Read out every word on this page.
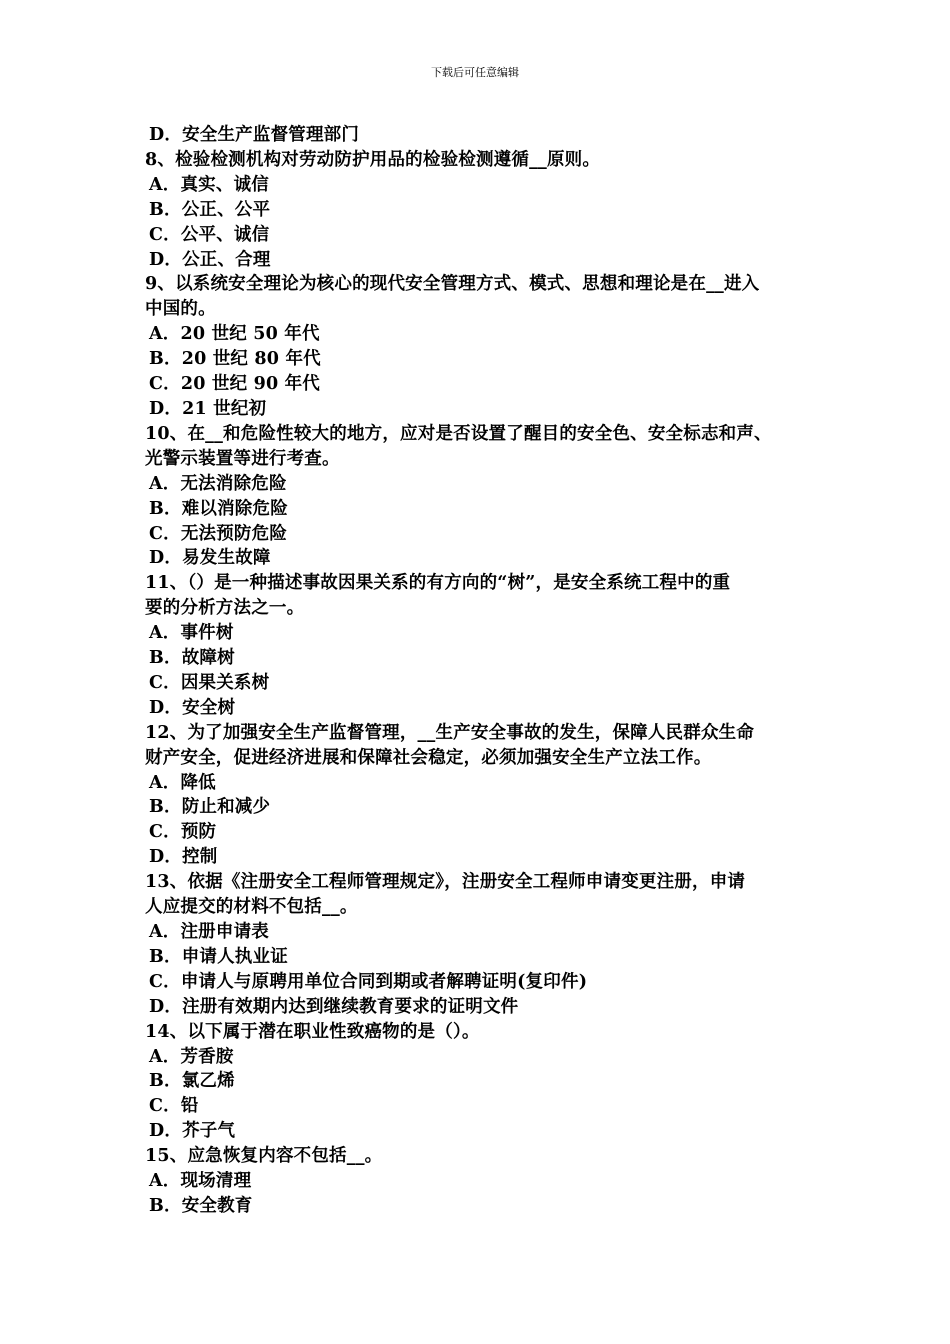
下载后可任意编辑
D．安全生产监督管理部门
8、检验检测机构对劳动防护用品的检验检测遵循__原则。
A．真实、诚信
B．公正、公平
C．公平、诚信
D．公正、合理
9、以系统安全理论为核心的现代安全管理方式、模式、思想和理论是在__进入
中国的。
A．20 世纪 50 年代
B．20 世纪 80 年代
C．20 世纪 90 年代
D．21 世纪初
10、在__和危险性较大的地方，应对是否设置了醒目的安全色、安全标志和声、
光警示装置等进行考查。
A．无法消除危险
B．难以消除危险
C．无法预防危险
D．易发生故障
11、（）是一种描述事故因果关系的有方向的“树”，是安全系统工程中的重
要的分析方法之一。
A．事件树
B．故障树
C．因果关系树
D．安全树
12、为了加强安全生产监督管理，__生产安全事故的发生，保障人民群众生命
财产安全，促进经济进展和保障社会稳定，必须加强安全生产立法工作。
A．降低
B．防止和减少
C．预防
D．控制
13、依据《注册安全工程师管理规定》，注册安全工程师申请变更注册，申请
人应提交的材料不包括__。
A．注册申请表
B．申请人执业证
C．申请人与原聘用单位合同到期或者解聘证明(复印件)
D．注册有效期内达到继续教育要求的证明文件
14、以下属于潜在职业性致癌物的是（）。
A．芳香胺
B．氯乙烯
C．铅
D．芥子气
15、应急恢复内容不包括__。
A．现场清理
B．安全教育
